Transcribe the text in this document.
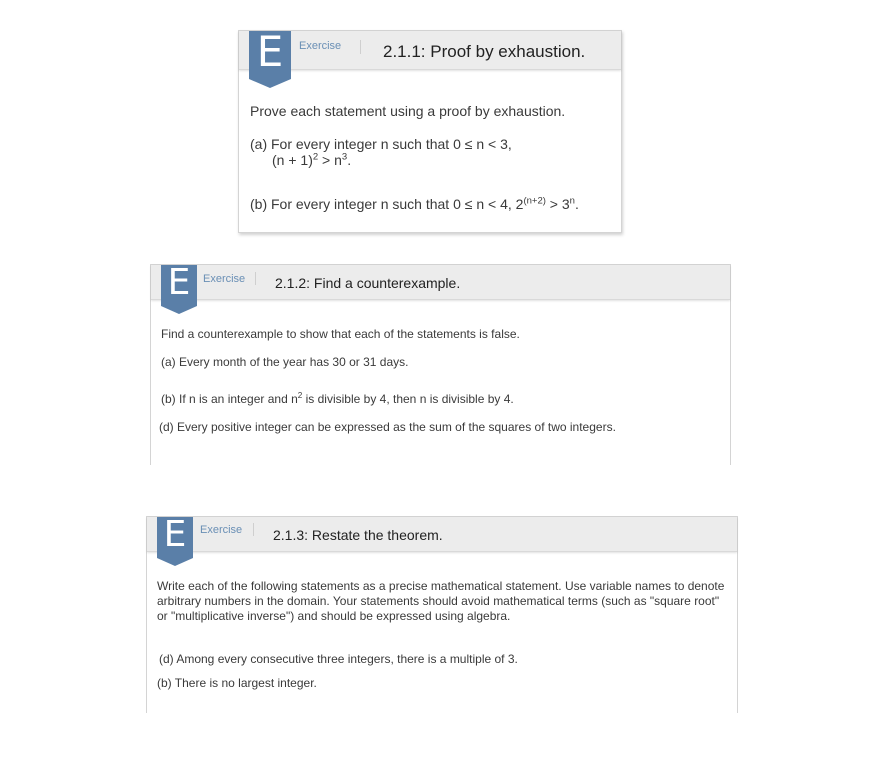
E	Exercise 2.1.1: Proof by exhaustion.
Prove each statement using a proof by exhaustion.
(a) For every integer n such that 0 ≤ n < 3,
$(n + 1)^2 > n^3$.
(b) For every integer n such that 0 ≤ n < 4, $2^{(n+2)} > 3^n$.
E	Exercise 2.1.2: Find a counterexample.
Find a counterexample to show that each of the statements is false.
(a) Every month of the year has 30 or 31 days.
(b) If n is an integer and $n^2$ is divisible by 4, then n is divisible by 4.
(d) Every positive integer can be expressed as the sum of the squares of two integers.
E	Exercise 2.1.3: Restate the theorem.
Write each of the following statements as a precise mathematical statement. Use variable names to denote arbitrary numbers in the domain. Your statements should avoid mathematical terms (such as "square root" or "multiplicative inverse") and should be expressed using algebra.
(d) Among every consecutive three integers, there is a multiple of 3.
(b) There is no largest integer.
